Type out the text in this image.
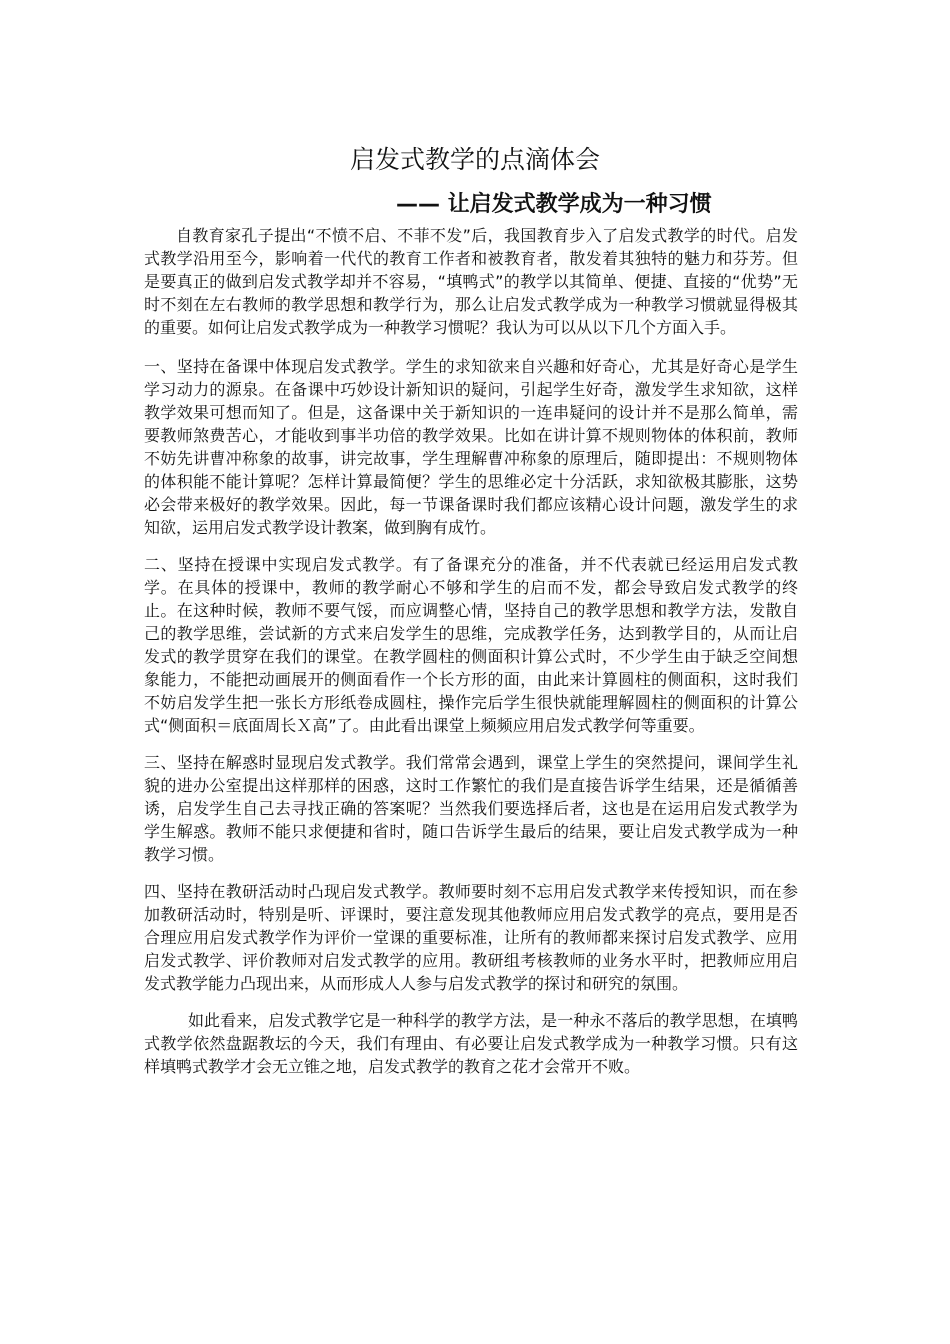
启发式教学的点滴体会
—— 让启发式教学成为一种习惯

自教育家孔子提出“不愤不启、不菲不发”后，我国教育步入了启发式教学的时代。启发式教学沿用至今，影响着一代代的教育工作者和被教育者，散发着其独特的魅力和芬芳。但是要真正的做到启发式教学却并不容易，“填鸭式”的教学以其简单、便捷、直接的“优势”无时不刻在左右教师的教学思想和教学行为，那么让启发式教学成为一种教学习惯就显得极其的重要。如何让启发式教学成为一种教学习惯呢？我认为可以从以下几个方面入手。

一、坚持在备课中体现启发式教学。学生的求知欲来自兴趣和好奇心，尤其是好奇心是学生学习动力的源泉。在备课中巧妙设计新知识的疑问，引起学生好奇，激发学生求知欲，这样教学效果可想而知了。但是，这备课中关于新知识的一连串疑问的设计并不是那么简单，需要教师煞费苦心，才能收到事半功倍的教学效果。比如在讲计算不规则物体的体积前，教师不妨先讲曹冲称象的故事，讲完故事，学生理解曹冲称象的原理后，随即提出：不规则物体的体积能不能计算呢？怎样计算最简便？学生的思维必定十分活跃，求知欲极其膨胀，这势必会带来极好的教学效果。因此，每一节课备课时我们都应该精心设计问题，激发学生的求知欲，运用启发式教学设计教案，做到胸有成竹。

二、坚持在授课中实现启发式教学。有了备课充分的准备，并不代表就已经运用启发式教学。在具体的授课中，教师的教学耐心不够和学生的启而不发，都会导致启发式教学的终止。在这种时候，教师不要气馁，而应调整心情，坚持自己的教学思想和教学方法，发散自己的教学思维，尝试新的方式来启发学生的思维，完成教学任务，达到教学目的，从而让启发式的教学贯穿在我们的课堂。在教学圆柱的侧面积计算公式时，不少学生由于缺乏空间想象能力，不能把动画展开的侧面看作一个长方形的面，由此来计算圆柱的侧面积，这时我们不妨启发学生把一张长方形纸卷成圆柱，操作完后学生很快就能理解圆柱的侧面积的计算公式“侧面积＝底面周长Ｘ高”了。由此看出课堂上频频应用启发式教学何等重要。

三、坚持在解惑时显现启发式教学。我们常常会遇到，课堂上学生的突然提问，课间学生礼貌的进办公室提出这样那样的困惑，这时工作繁忙的我们是直接告诉学生结果，还是循循善诱，启发学生自己去寻找正确的答案呢？当然我们要选择后者，这也是在运用启发式教学为学生解惑。教师不能只求便捷和省时，随口告诉学生最后的结果，要让启发式教学成为一种教学习惯。

四、坚持在教研活动时凸现启发式教学。教师要时刻不忘用启发式教学来传授知识，而在参加教研活动时，特别是听、评课时，要注意发现其他教师应用启发式教学的亮点，要用是否合理应用启发式教学作为评价一堂课的重要标准，让所有的教师都来探讨启发式教学、应用启发式教学、评价教师对启发式教学的应用。教研组考核教师的业务水平时，把教师应用启发式教学能力凸现出来，从而形成人人参与启发式教学的探讨和研究的氛围。

如此看来，启发式教学它是一种科学的教学方法，是一种永不落后的教学思想，在填鸭式教学依然盘踞教坛的今天，我们有理由、有必要让启发式教学成为一种教学习惯。只有这样填鸭式教学才会无立锥之地，启发式教学的教育之花才会常开不败。
